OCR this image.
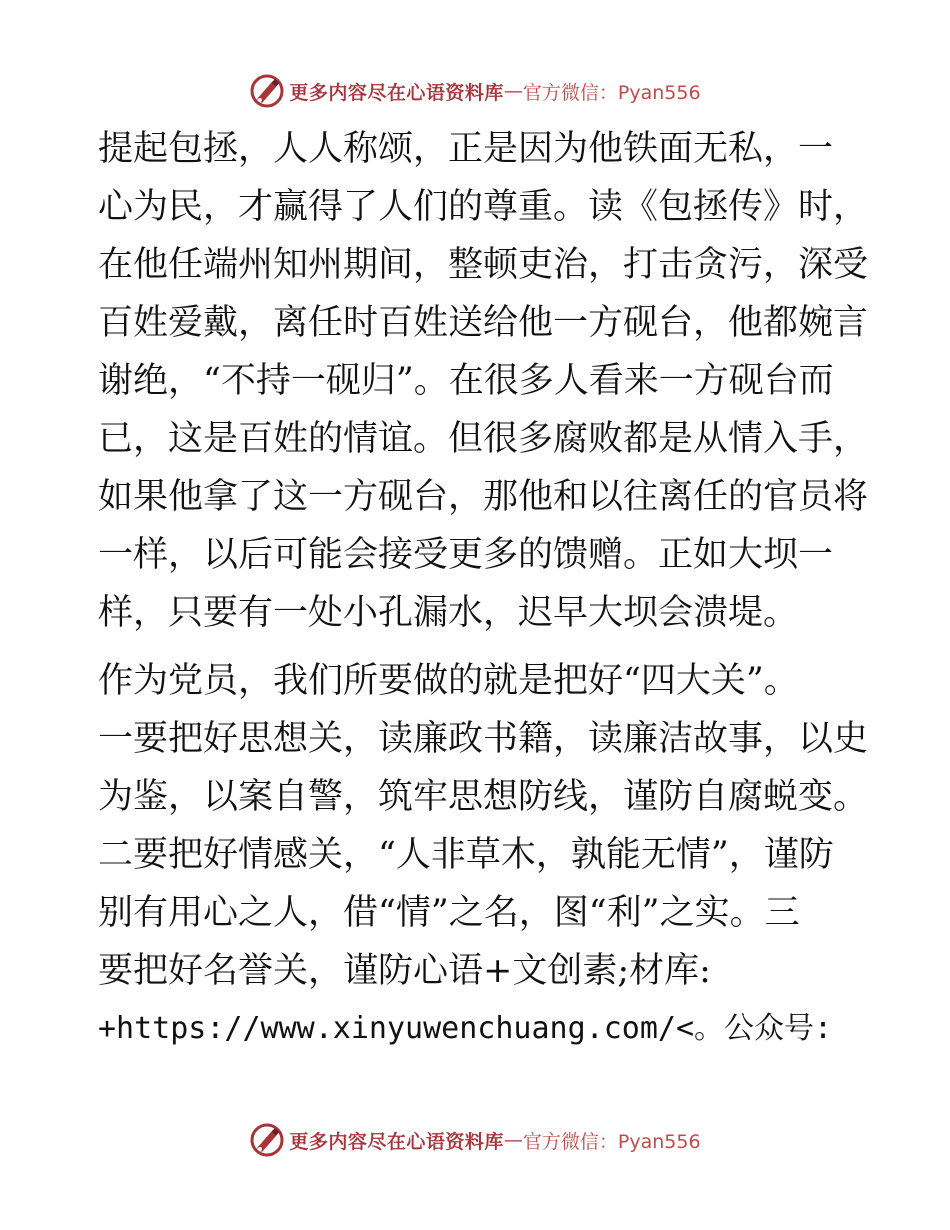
更多内容尽在心语资料库 — 官方微信：Pyan556
提起包拯，人人称颂，正是因为他铁面无私，一
心为民，才赢得了人们的尊重。读《包拯传》时，
在他任端州知州期间，整顿吏治，打击贪污，深受
百姓爱戴，离任时百姓送给他一方砚台，他都婉言
谢绝，“不持一砚归”。在很多人看来一方砚台而
已，这是百姓的情谊。但很多腐败都是从情入手，
如果他拿了这一方砚台，那他和以往离任的官员将
一样，以后可能会接受更多的馈赠。正如大坝一
样，只要有一处小孔漏水，迟早大坝会溃堤。
作为党员，我们所要做的就是把好“四大关”。
一要把好思想关，读廉政书籍，读廉洁故事，以史
为鉴，以案自警，筑牢思想防线，谨防自腐蜕变。
二要把好情感关，“人非草木，孰能无情”，谨防
别有用心之人，借“情”之名，图“利”之实。三
要把好名誉关，谨防心语+文创素;材库:
+https://www.xinyuwenchuang.com/<。公众号:
更多内容尽在心语资料库 — 官方微信：Pyan556
